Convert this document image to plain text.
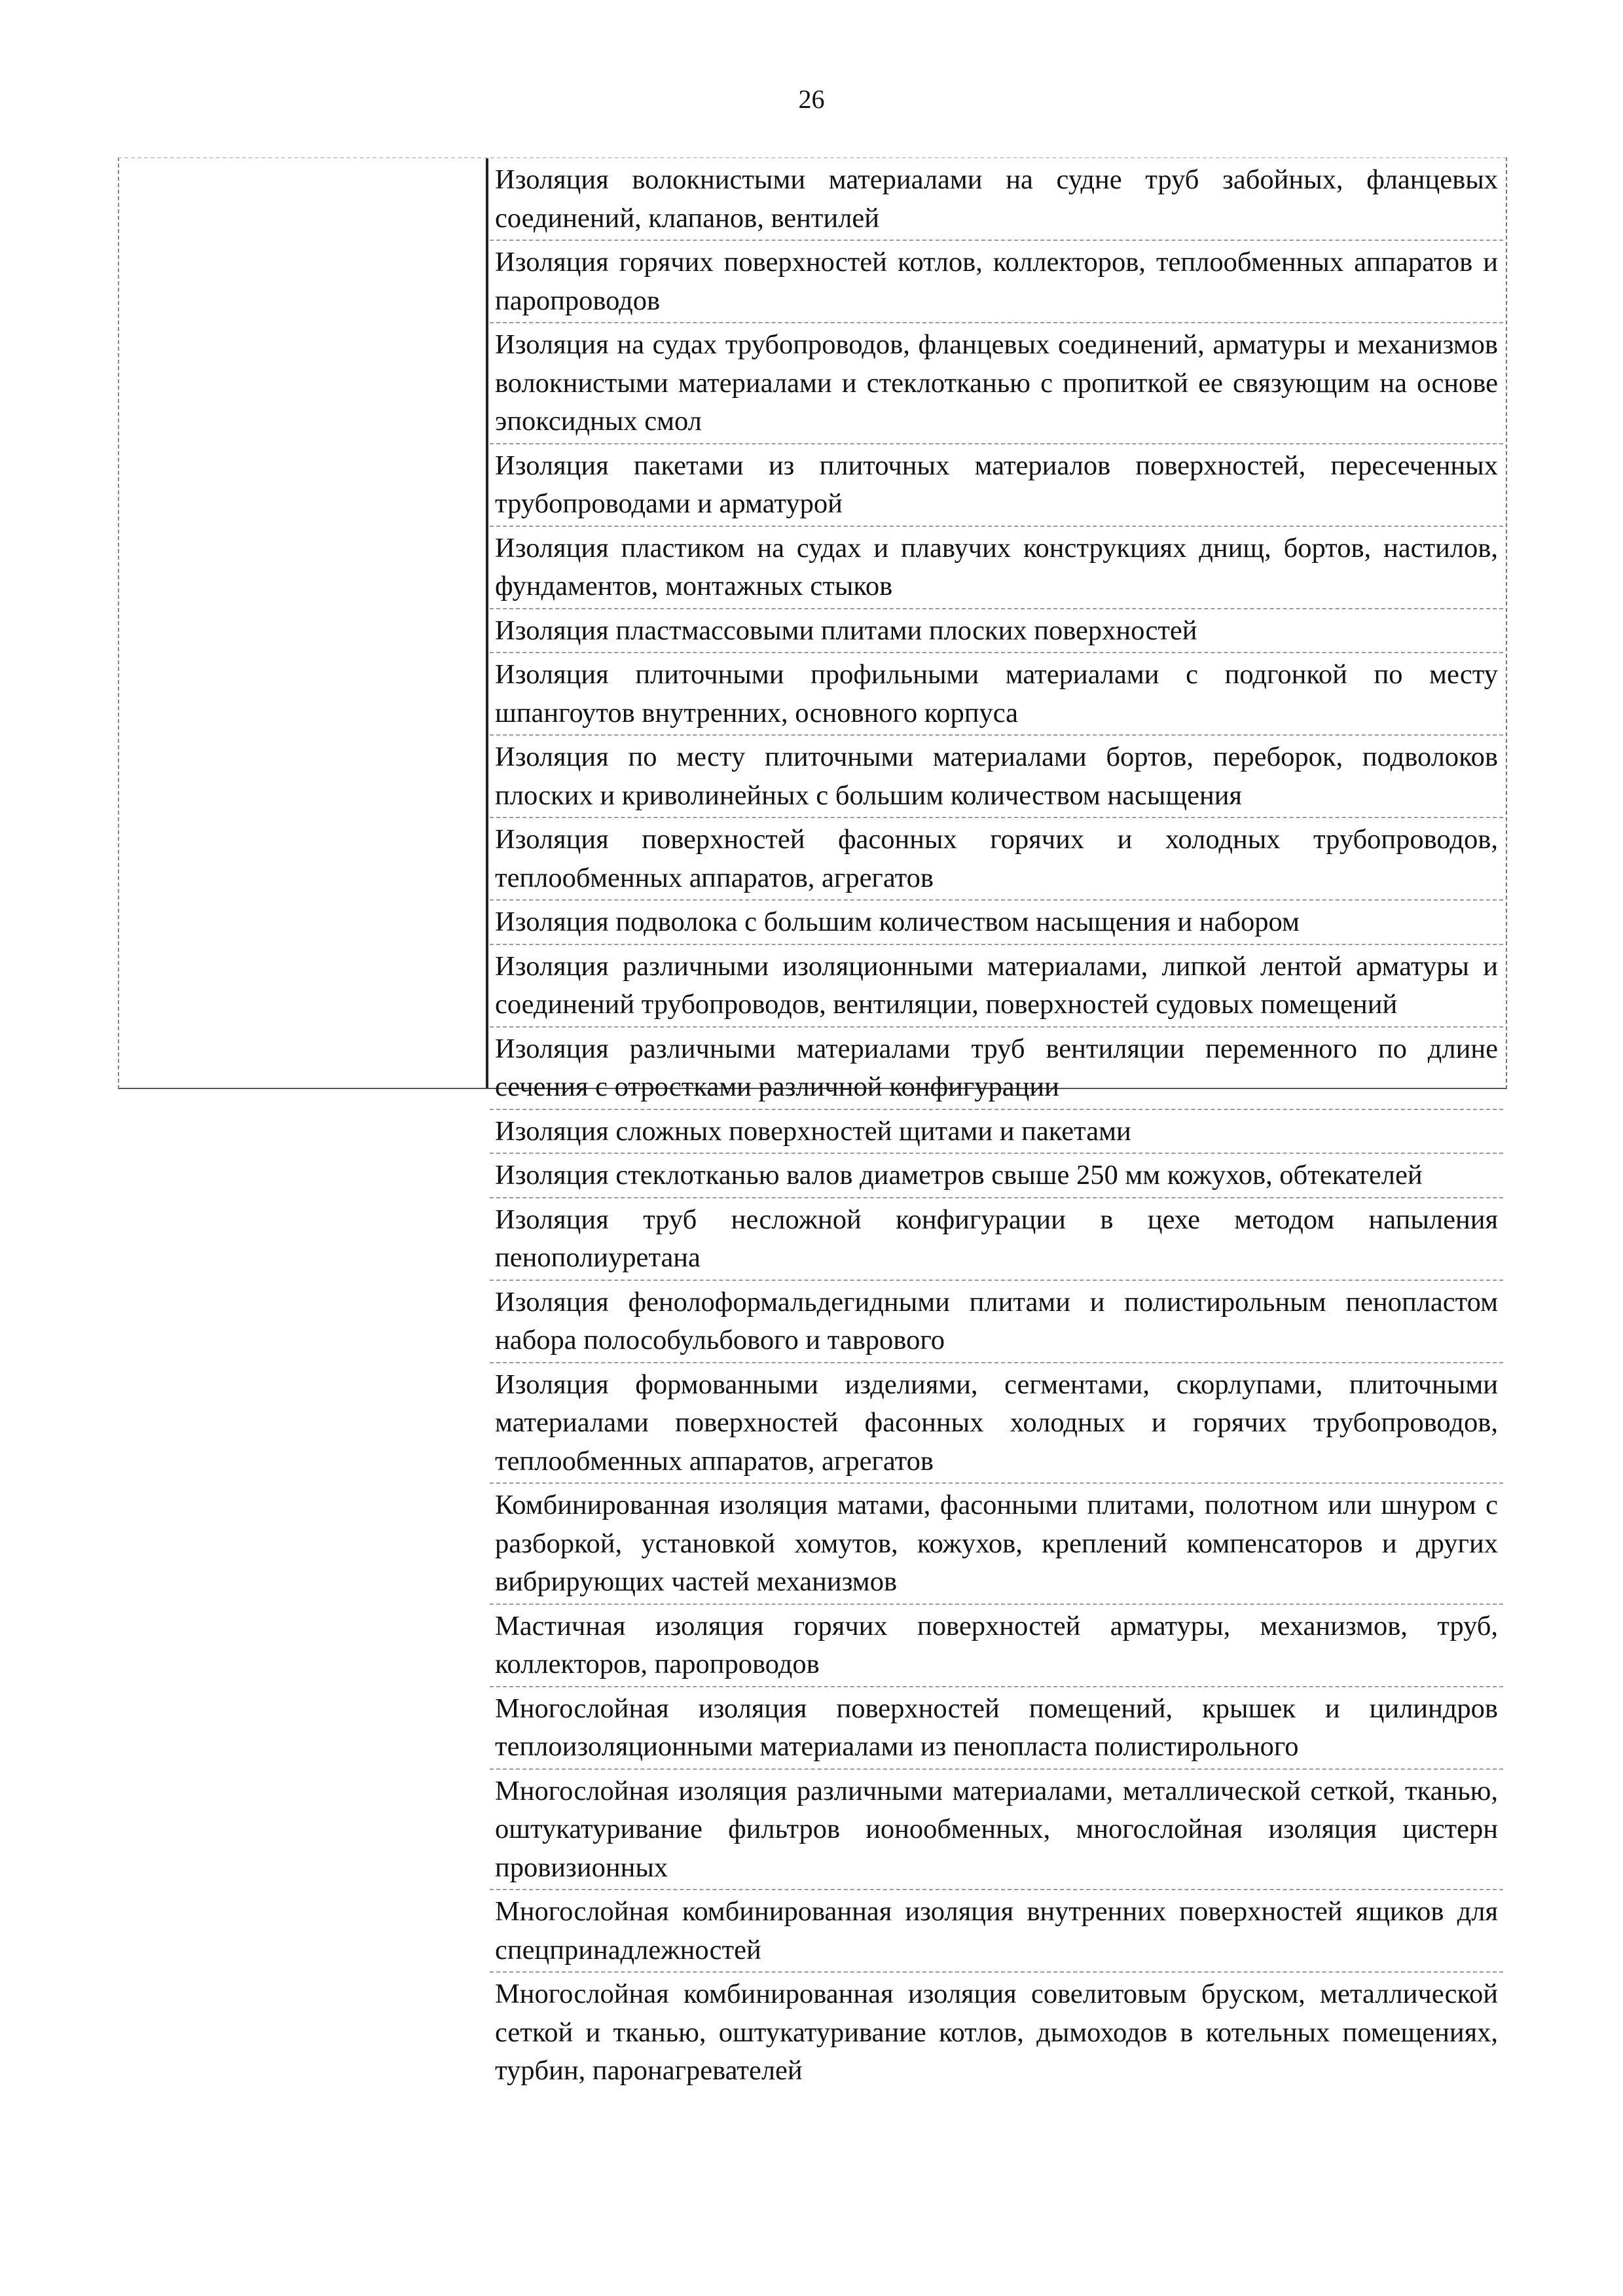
26
Изоляция волокнистыми материалами на судне труб забойных, фланцевых соединений, клапанов, вентилей
Изоляция горячих поверхностей котлов, коллекторов, теплообменных аппаратов и паропроводов
Изоляция на судах трубопроводов, фланцевых соединений, арматуры и механизмов волокнистыми материалами и стеклотканью с пропиткой ее связующим на основе эпоксидных смол
Изоляция пакетами из плиточных материалов поверхностей, пересеченных трубопроводами и арматурой
Изоляция пластиком на судах и плавучих конструкциях днищ, бортов, настилов, фундаментов, монтажных стыков
Изоляция пластмассовыми плитами плоских поверхностей
Изоляция плиточными профильными материалами с подгонкой по месту шпангоутов внутренних, основного корпуса
Изоляция по месту плиточными материалами бортов, переборок, подволоков плоских и криволинейных с большим количеством насыщения
Изоляция поверхностей фасонных горячих и холодных трубопроводов, теплообменных аппаратов, агрегатов
Изоляция подволока с большим количеством насыщения и набором
Изоляция различными изоляционными материалами, липкой лентой арматуры и соединений трубопроводов, вентиляции, поверхностей судовых помещений
Изоляция различными материалами труб вентиляции переменного по длине сечения с отростками различной конфигурации
Изоляция сложных поверхностей щитами и пакетами
Изоляция стеклотканью валов диаметров свыше 250 мм кожухов, обтекателей
Изоляция труб несложной конфигурации в цехе методом напыления пенополиуретана
Изоляция фенолоформальдегидными плитами и полистирольным пенопластом набора полособульбового и таврового
Изоляция формованными изделиями, сегментами, скорлупами, плиточными материалами поверхностей фасонных холодных и горячих трубопроводов, теплообменных аппаратов, агрегатов
Комбинированная изоляция матами, фасонными плитами, полотном или шнуром с разборкой, установкой хомутов, кожухов, креплений компенсаторов и других вибрирующих частей механизмов
Мастичная изоляция горячих поверхностей арматуры, механизмов, труб, коллекторов, паропроводов
Многослойная изоляция поверхностей помещений, крышек и цилиндров теплоизоляционными материалами из пенопласта полистирольного
Многослойная изоляция различными материалами, металлической сеткой, тканью, оштукатуривание фильтров ионообменных, многослойная изоляция цистерн провизионных
Многослойная комбинированная изоляция внутренних поверхностей ящиков для спецпринадлежностей
Многослойная комбинированная изоляция совелитовым бруском, металлической сеткой и тканью, оштукатуривание котлов, дымоходов в котельных помещениях, турбин, паронагревателей
